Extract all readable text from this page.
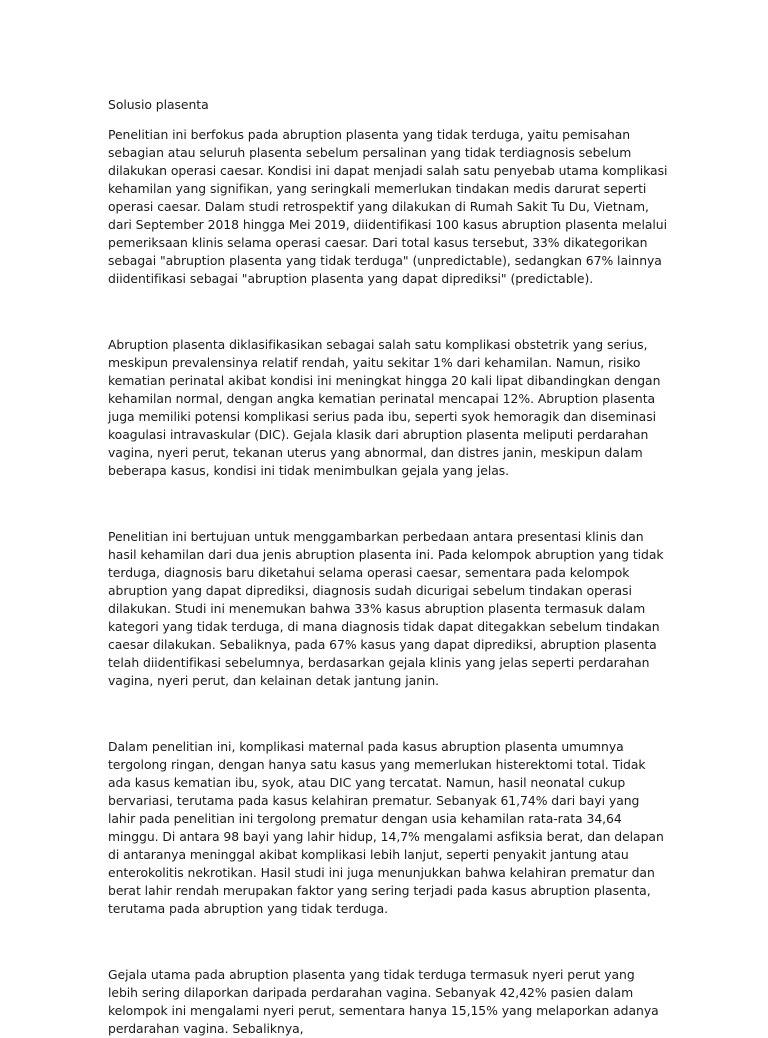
Solusio plasenta

Penelitian ini berfokus pada abruption plasenta yang tidak terduga, yaitu pemisahan sebagian atau seluruh plasenta sebelum persalinan yang tidak terdiagnosis sebelum dilakukan operasi caesar. Kondisi ini dapat menjadi salah satu penyebab utama komplikasi kehamilan yang signifikan, yang seringkali memerlukan tindakan medis darurat seperti operasi caesar. Dalam studi retrospektif yang dilakukan di Rumah Sakit Tu Du, Vietnam, dari September 2018 hingga Mei 2019, diidentifikasi 100 kasus abruption plasenta melalui pemeriksaan klinis selama operasi caesar. Dari total kasus tersebut, 33% dikategorikan sebagai "abruption plasenta yang tidak terduga" (unpredictable), sedangkan 67% lainnya diidentifikasi sebagai "abruption plasenta yang dapat diprediksi" (predictable).

Abruption plasenta diklasifikasikan sebagai salah satu komplikasi obstetrik yang serius, meskipun prevalensinya relatif rendah, yaitu sekitar 1% dari kehamilan. Namun, risiko kematian perinatal akibat kondisi ini meningkat hingga 20 kali lipat dibandingkan dengan kehamilan normal, dengan angka kematian perinatal mencapai 12%. Abruption plasenta juga memiliki potensi komplikasi serius pada ibu, seperti syok hemoragik dan diseminasi koagulasi intravaskular (DIC). Gejala klasik dari abruption plasenta meliputi perdarahan vagina, nyeri perut, tekanan uterus yang abnormal, dan distres janin, meskipun dalam beberapa kasus, kondisi ini tidak menimbulkan gejala yang jelas.

Penelitian ini bertujuan untuk menggambarkan perbedaan antara presentasi klinis dan hasil kehamilan dari dua jenis abruption plasenta ini. Pada kelompok abruption yang tidak terduga, diagnosis baru diketahui selama operasi caesar, sementara pada kelompok abruption yang dapat diprediksi, diagnosis sudah dicurigai sebelum tindakan operasi dilakukan. Studi ini menemukan bahwa 33% kasus abruption plasenta termasuk dalam kategori yang tidak terduga, di mana diagnosis tidak dapat ditegakkan sebelum tindakan caesar dilakukan. Sebaliknya, pada 67% kasus yang dapat diprediksi, abruption plasenta telah diidentifikasi sebelumnya, berdasarkan gejala klinis yang jelas seperti perdarahan vagina, nyeri perut, dan kelainan detak jantung janin.

Dalam penelitian ini, komplikasi maternal pada kasus abruption plasenta umumnya tergolong ringan, dengan hanya satu kasus yang memerlukan histerektomi total. Tidak ada kasus kematian ibu, syok, atau DIC yang tercatat. Namun, hasil neonatal cukup bervariasi, terutama pada kasus kelahiran prematur. Sebanyak 61,74% dari bayi yang lahir pada penelitian ini tergolong prematur dengan usia kehamilan rata-rata 34,64 minggu. Di antara 98 bayi yang lahir hidup, 14,7% mengalami asfiksia berat, dan delapan di antaranya meninggal akibat komplikasi lebih lanjut, seperti penyakit jantung atau enterokolitis nekrotikan. Hasil studi ini juga menunjukkan bahwa kelahiran prematur dan berat lahir rendah merupakan faktor yang sering terjadi pada kasus abruption plasenta, terutama pada abruption yang tidak terduga.

Gejala utama pada abruption plasenta yang tidak terduga termasuk nyeri perut yang lebih sering dilaporkan daripada perdarahan vagina. Sebanyak 42,42% pasien dalam kelompok ini mengalami nyeri perut, sementara hanya 15,15% yang melaporkan adanya perdarahan vagina. Sebaliknya,
